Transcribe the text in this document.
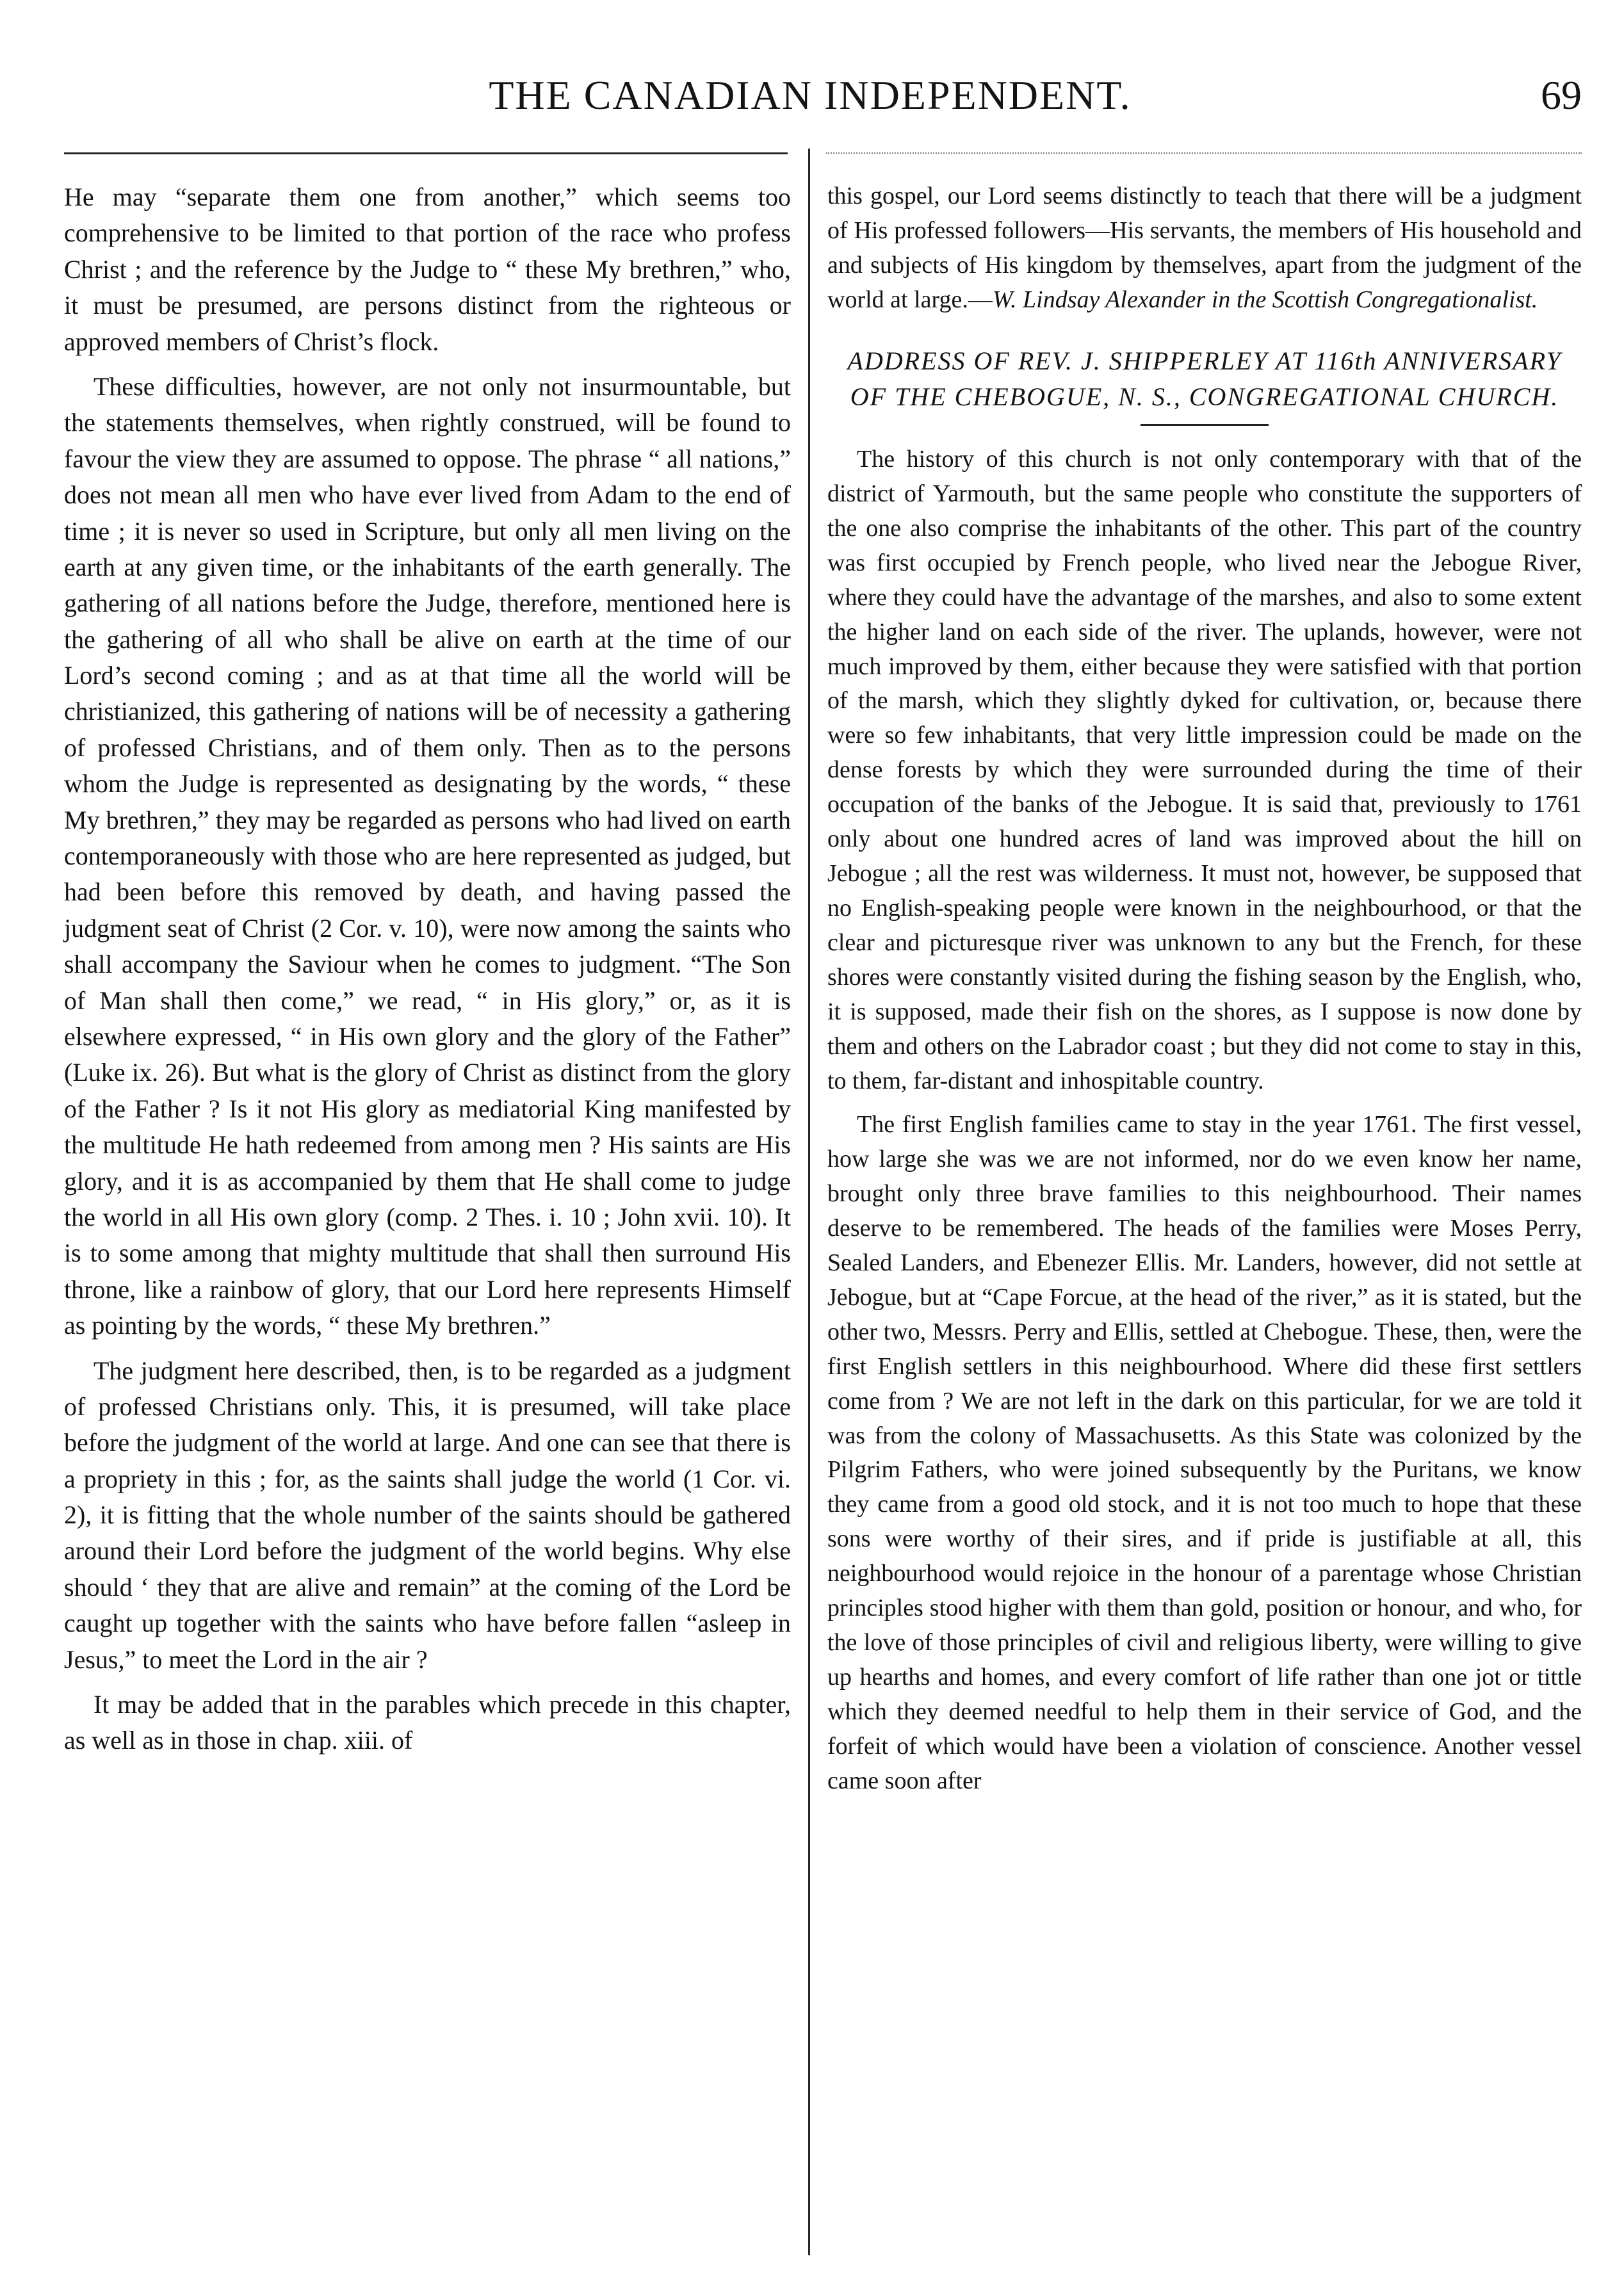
THE CANADIAN INDEPENDENT.	69

He may “separate them one from another,” which seems too comprehensive to be limited to that portion of the race who profess Christ ; and the reference by the Judge to “ these My brethren,” who, it must be presumed, are persons distinct from the righteous or approved members of Christ’s flock.

These difficulties, however, are not only not insurmountable, but the statements themselves, when rightly construed, will be found to favour the view they are assumed to oppose. The phrase “ all nations,” does not mean all men who have ever lived from Adam to the end of time ; it is never so used in Scripture, but only all men living on the earth at any given time, or the inhabitants of the earth generally. The gathering of all nations before the Judge, therefore, mentioned here is the gathering of all who shall be alive on earth at the time of our Lord’s second coming ; and as at that time all the world will be christianized, this gathering of nations will be of necessity a gathering of professed Christians, and of them only. Then as to the persons whom the Judge is represented as designating by the words, “ these My brethren,” they may be regarded as persons who had lived on earth contemporaneously with those who are here represented as judged, but had been before this removed by death, and having passed the judgment seat of Christ (2 Cor. v. 10), were now among the saints who shall accompany the Saviour when he comes to judgment. “The Son of Man shall then come,” we read, “ in His glory,” or, as it is elsewhere expressed, “ in His own glory and the glory of the Father” (Luke ix. 26). But what is the glory of Christ as distinct from the glory of the Father ? Is it not His glory as mediatorial King manifested by the multitude He hath redeemed from among men ? His saints are His glory, and it is as accompanied by them that He shall come to judge the world in all His own glory (comp. 2 Thes. i. 10 ; John xvii. 10). It is to some among that mighty multitude that shall then surround His throne, like a rainbow of glory, that our Lord here represents Himself as pointing by the words, “ these My brethren.”

The judgment here described, then, is to be regarded as a judgment of professed Christians only. This, it is presumed, will take place before the judgment of the world at large. And one can see that there is a propriety in this ; for, as the saints shall judge the world (1 Cor. vi. 2), it is fitting that the whole number of the saints should be gathered around their Lord before the judgment of the world begins. Why else should ‘ they that are alive and remain” at the coming of the Lord be caught up together with the saints who have before fallen “asleep in Jesus,” to meet the Lord in the air ?

It may be added that in the parables which precede in this chapter, as well as in those in chap. xiii. of

this gospel, our Lord seems distinctly to teach that there will be a judgment of His professed followers—His servants, the members of His household and and subjects of His kingdom by themselves, apart from the judgment of the world at large.—W. Lindsay Alexander in the Scottish Congregationalist.

ADDRESS OF REV. J. SHIPPERLEY AT 116th ANNIVERSARY OF THE CHEBOGUE, N. S., CONGREGATIONAL CHURCH.

The history of this church is not only contemporary with that of the district of Yarmouth, but the same people who constitute the supporters of the one also comprise the inhabitants of the other. This part of the country was first occupied by French people, who lived near the Jebogue River, where they could have the advantage of the marshes, and also to some extent the higher land on each side of the river. The uplands, however, were not much improved by them, either because they were satisfied with that portion of the marsh, which they slightly dyked for cultivation, or, because there were so few inhabitants, that very little impression could be made on the dense forests by which they were surrounded during the time of their occupation of the banks of the Jebogue. It is said that, previously to 1761 only about one hundred acres of land was improved about the hill on Jebogue ; all the rest was wilderness. It must not, however, be supposed that no English-speaking people were known in the neighbourhood, or that the clear and picturesque river was unknown to any but the French, for these shores were constantly visited during the fishing season by the English, who, it is supposed, made their fish on the shores, as I suppose is now done by them and others on the Labrador coast ; but they did not come to stay in this, to them, far-distant and inhospitable country.

The first English families came to stay in the year 1761. The first vessel, how large she was we are not informed, nor do we even know her name, brought only three brave families to this neighbourhood. Their names deserve to be remembered. The heads of the families were Moses Perry, Sealed Landers, and Ebenezer Ellis. Mr. Landers, however, did not settle at Jebogue, but at “Cape Forcue, at the head of the river,” as it is stated, but the other two, Messrs. Perry and Ellis, settled at Chebogue. These, then, were the first English settlers in this neighbourhood. Where did these first settlers come from ? We are not left in the dark on this particular, for we are told it was from the colony of Massachusetts. As this State was colonized by the Pilgrim Fathers, who were joined subsequently by the Puritans, we know they came from a good old stock, and it is not too much to hope that these sons were worthy of their sires, and if pride is justifiable at all, this neighbourhood would rejoice in the honour of a parentage whose Christian principles stood higher with them than gold, position or honour, and who, for the love of those principles of civil and religious liberty, were willing to give up hearths and homes, and every comfort of life rather than one jot or tittle which they deemed needful to help them in their service of God, and the forfeit of which would have been a violation of conscience. Another vessel came soon after
